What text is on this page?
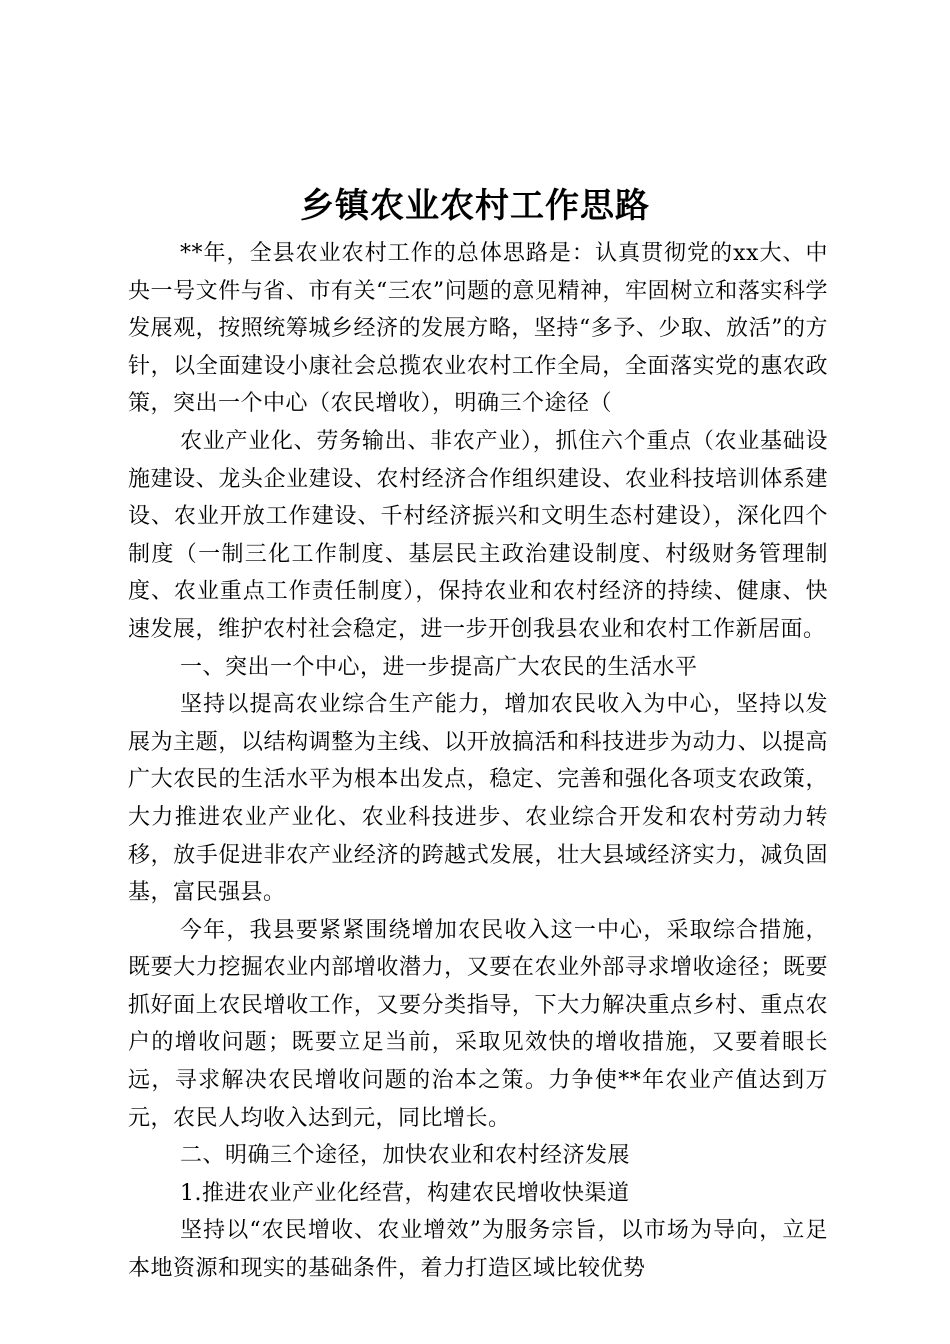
乡镇农业农村工作思路

**年，全县农业农村工作的总体思路是：认真贯彻党的xx大、中央一号文件与省、市有关“三农”问题的意见精神，牢固树立和落实科学发展观，按照统筹城乡经济的发展方略，坚持“多予、少取、放活”的方针，以全面建设小康社会总揽农业农村工作全局，全面落实党的惠农政策，突出一个中心（农民增收），明确三个途径（

农业产业化、劳务输出、非农产业），抓住六个重点（农业基础设施建设、龙头企业建设、农村经济合作组织建设、农业科技培训体系建设、农业开放工作建设、千村经济振兴和文明生态村建设），深化四个制度（一制三化工作制度、基层民主政治建设制度、村级财务管理制度、农业重点工作责任制度），保持农业和农村经济的持续、健康、快速发展，维护农村社会稳定，进一步开创我县农业和农村工作新居面。

一、突出一个中心，进一步提高广大农民的生活水平

坚持以提高农业综合生产能力，增加农民收入为中心，坚持以发展为主题，以结构调整为主线、以开放搞活和科技进步为动力、以提高广大农民的生活水平为根本出发点，稳定、完善和强化各项支农政策，大力推进农业产业化、农业科技进步、农业综合开发和农村劳动力转移，放手促进非农产业经济的跨越式发展，壮大县域经济实力，减负固基，富民强县。

今年，我县要紧紧围绕增加农民收入这一中心，采取综合措施，既要大力挖掘农业内部增收潜力，又要在农业外部寻求增收途径；既要抓好面上农民增收工作，又要分类指导，下大力解决重点乡村、重点农户的增收问题；既要立足当前，采取见效快的增收措施，又要着眼长远，寻求解决农民增收问题的治本之策。力争使**年农业产值达到万元，农民人均收入达到元，同比增长。

二、明确三个途径，加快农业和农村经济发展

1.推进农业产业化经营，构建农民增收快渠道

坚持以“农民增收、农业增效”为服务宗旨，以市场为导向，立足本地资源和现实的基础条件，着力打造区域比较优势
